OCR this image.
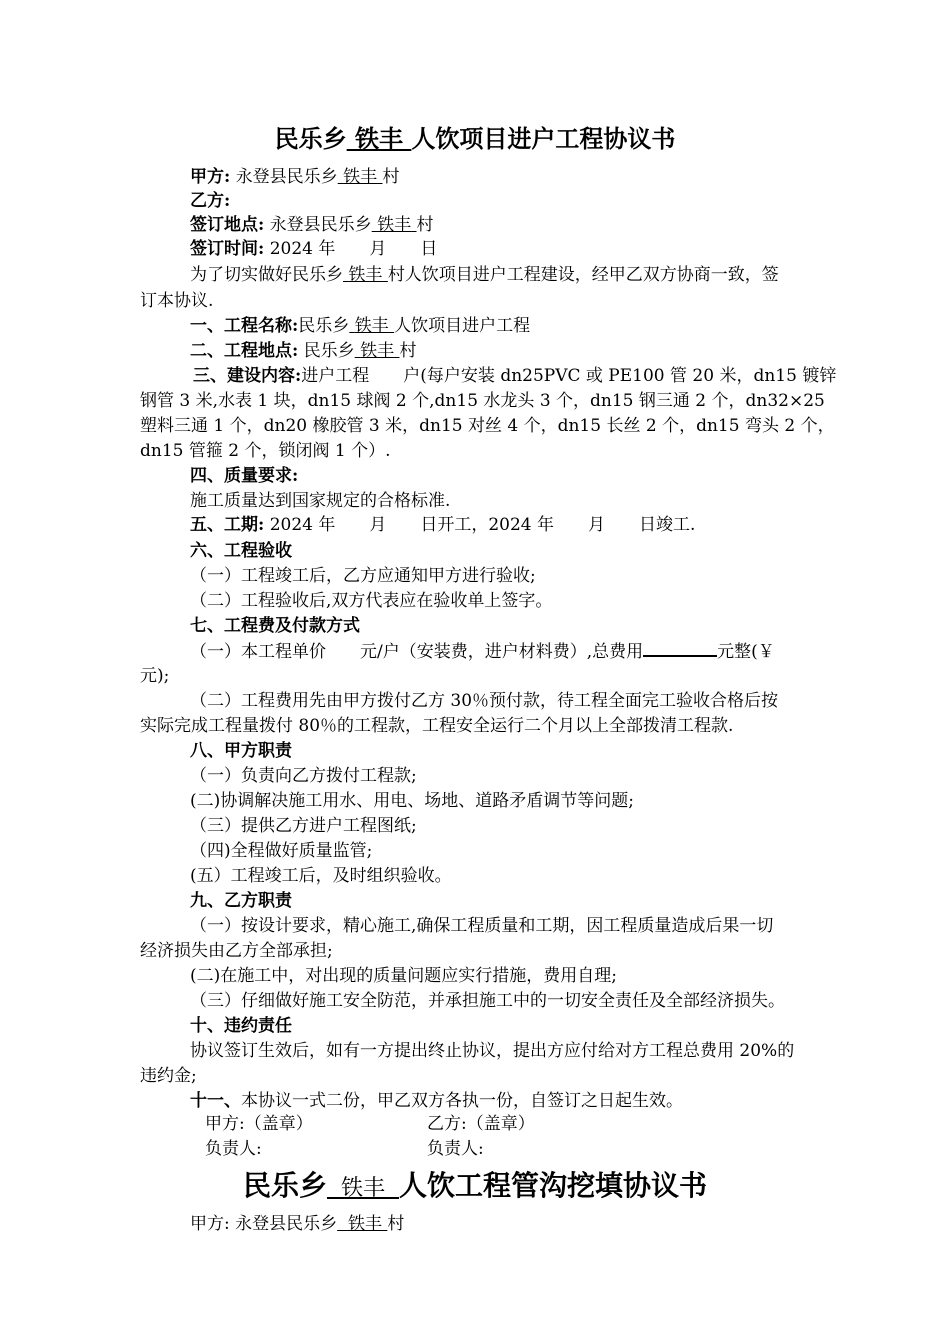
民乐乡 铁丰 人饮项目进户工程协议书
甲方: 永登县民乐乡 铁丰 村
乙方:
签订地点: 永登县民乐乡 铁丰 村
签订时间: 2024 年　　月　　日
为了切实做好民乐乡 铁丰 村人饮项目进户工程建设，经甲乙双方协商一致，签
订本协议.
一、工程名称:民乐乡 铁丰 人饮项目进户工程
二、工程地点: 民乐乡 铁丰 村
三、建设内容:进户工程　　户(每户安装 dn25PVC 或 PE100 管 20 米，dn15 镀锌
钢管 3 米,水表 1 块，dn15 球阀 2 个,dn15 水龙头 3 个，dn15 钢三通 2 个，dn32×25
塑料三通 1 个，dn20 橡胶管 3 米，dn15 对丝 4 个，dn15 长丝 2 个，dn15 弯头 2 个，
dn15 管箍 2 个，锁闭阀 1 个）.
四、质量要求:
施工质量达到国家规定的合格标准.
五、工期: 2024 年　　月　　日开工，2024 年　　月　　日竣工.
六、工程验收
（一）工程竣工后，乙方应通知甲方进行验收;
（二）工程验收后,双方代表应在验收单上签字。
七、工程费及付款方式
（一）本工程单价　　元/户（安装费，进户材料费）,总费用	元整(￥
元);
（二）工程费用先由甲方拨付乙方 30％预付款，待工程全面完工验收合格后按
实际完成工程量拨付 80％的工程款，工程安全运行二个月以上全部拨清工程款.
八、甲方职责
（一）负责向乙方拨付工程款;
(二)协调解决施工用水、用电、场地、道路矛盾调节等问题;
（三）提供乙方进户工程图纸;
（四)全程做好质量监管;
(五）工程竣工后，及时组织验收。
九、乙方职责
（一）按设计要求，精心施工,确保工程质量和工期，因工程质量造成后果一切
经济损失由乙方全部承担;
(二)在施工中，对出现的质量问题应实行措施，费用自理;
（三）仔细做好施工安全防范，并承担施工中的一切安全责任及全部经济损失。
十、违约责任
协议签订生效后，如有一方提出终止协议，提出方应付给对方工程总费用 20%的
违约金;
十一、本协议一式二份，甲乙双方各执一份，自签订之日起生效。
甲方:（盖章）	乙方:（盖章）
负责人:	负责人:
民乐乡 铁丰 人饮工程管沟挖填协议书
甲方: 永登县民乐乡 铁丰 村
